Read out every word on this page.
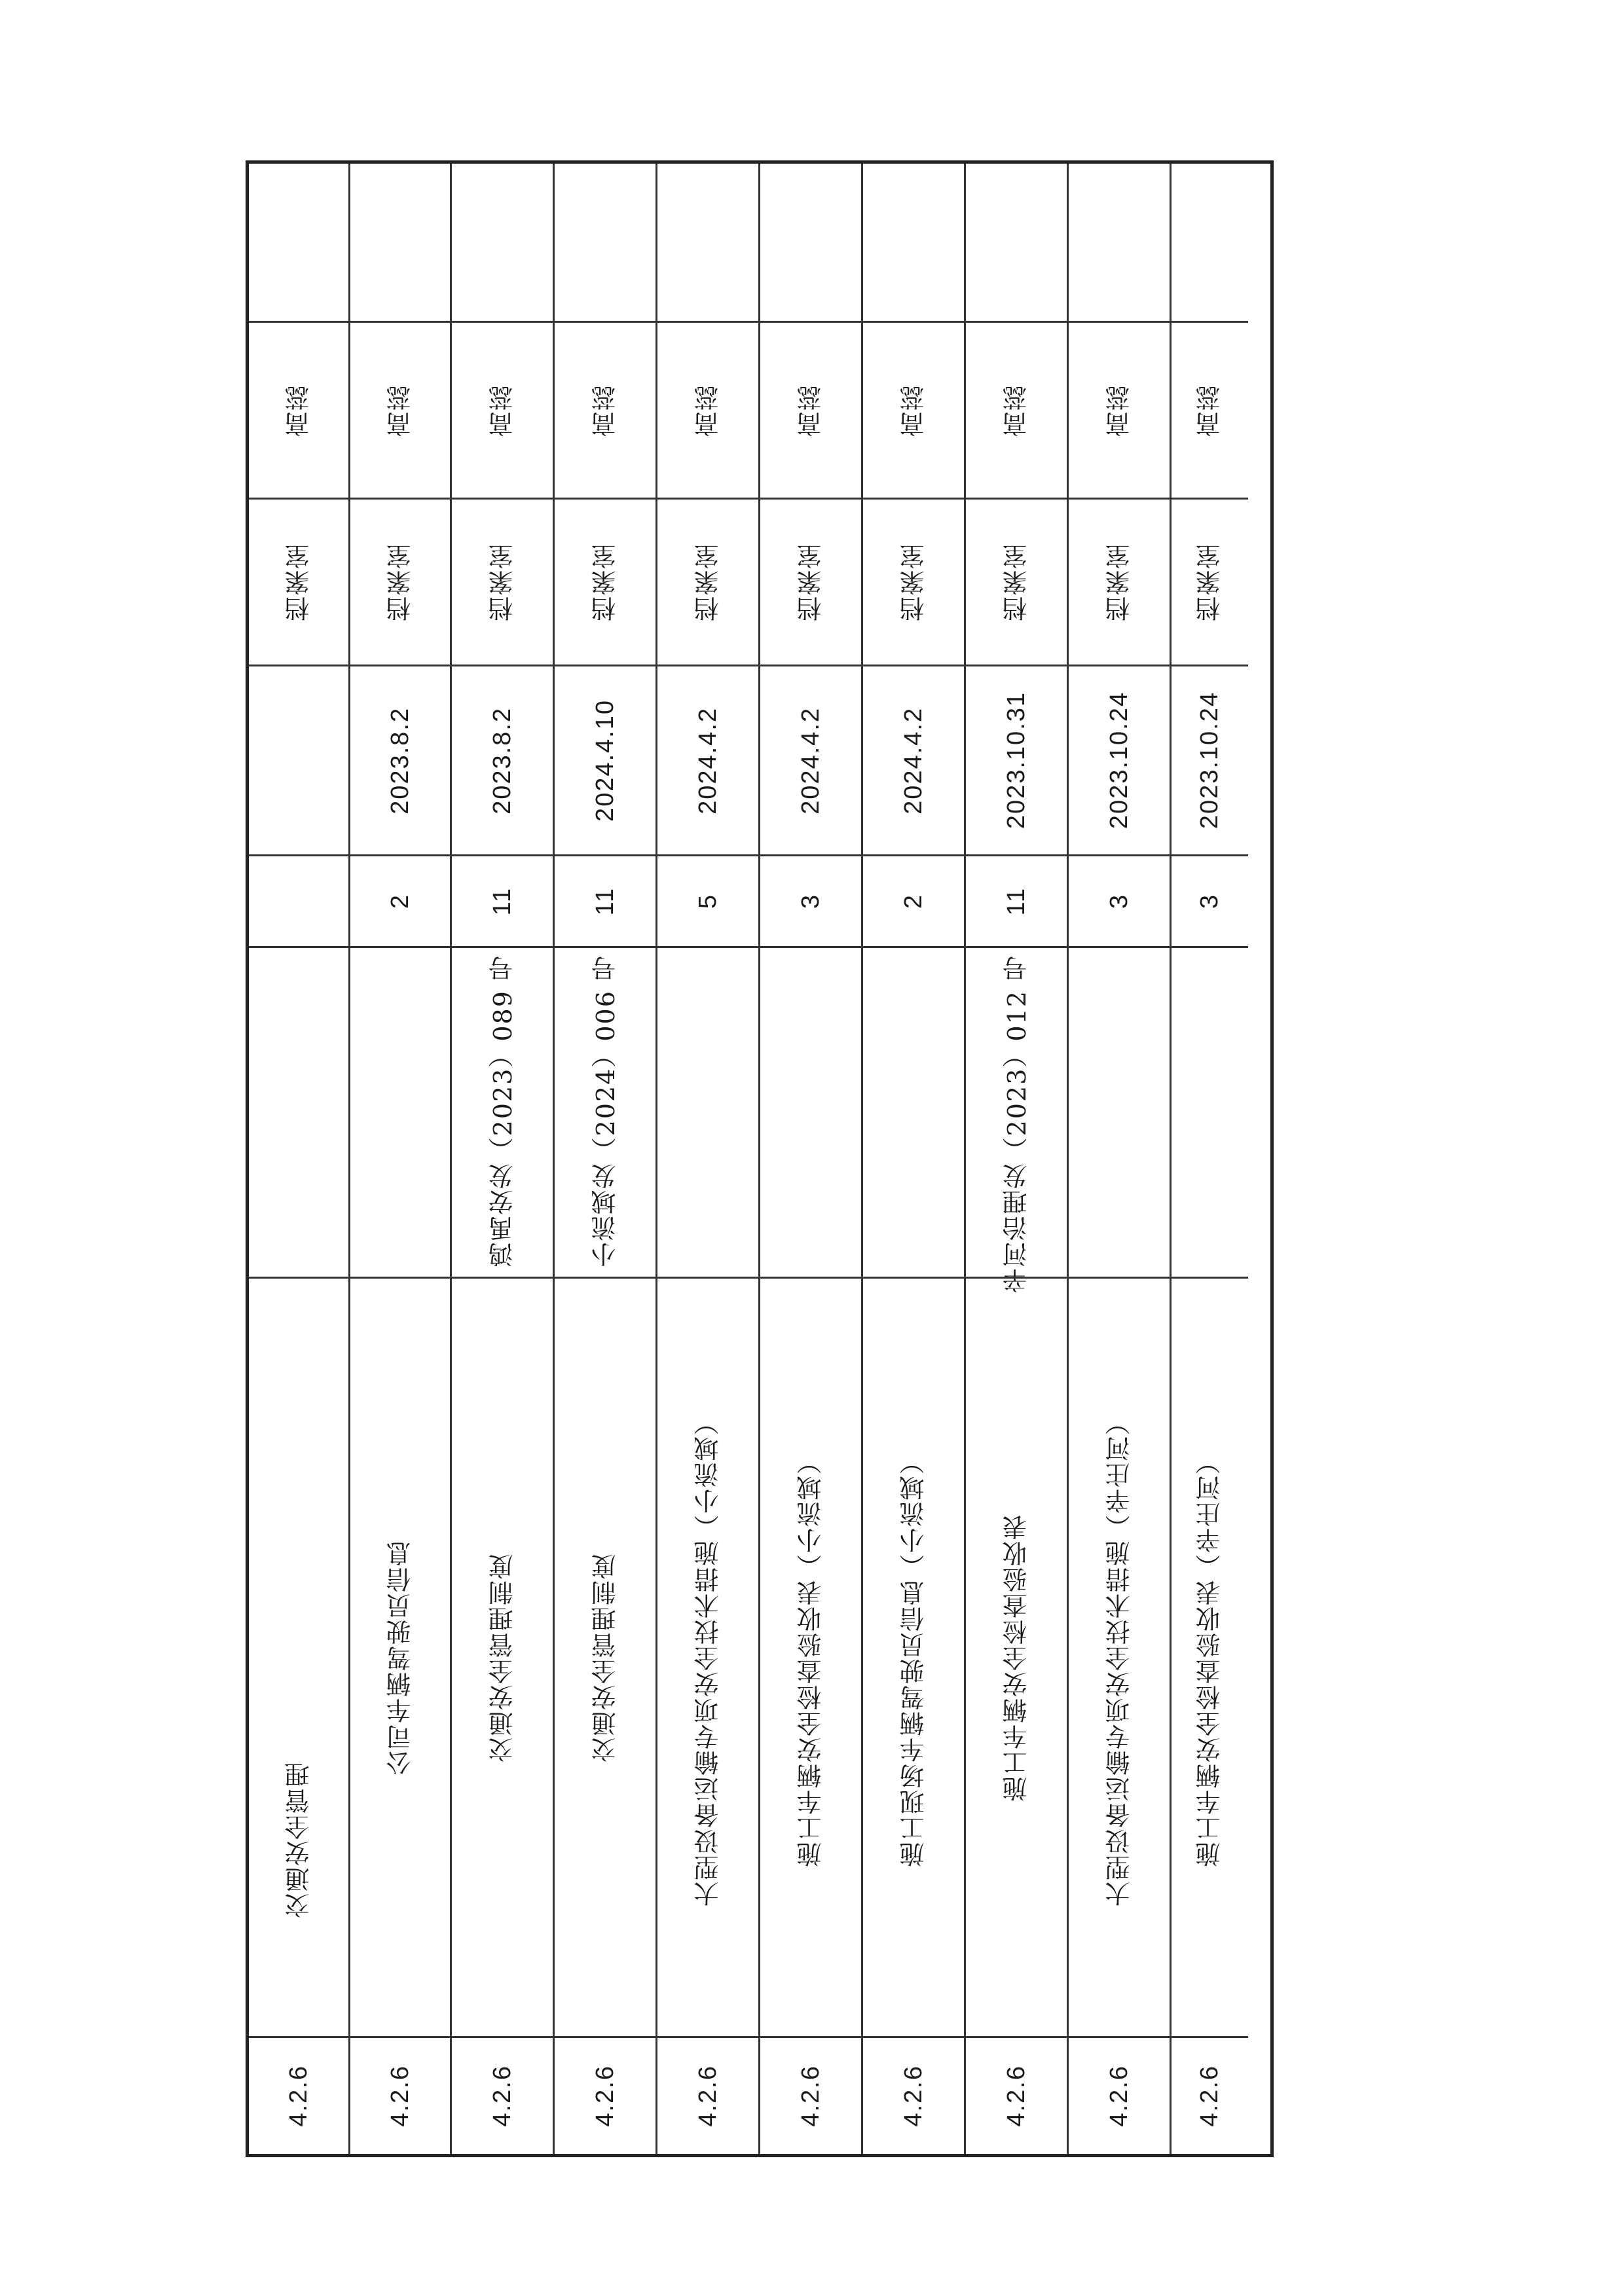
高蕊
档案室
交通安全管理
4.2.6
高蕊
档案室
2023.8.2
2
公司车辆驾驶员信息
4.2.6
高蕊
档案室
2023.8.2
11
鸿禹安发（2023）089 号
交通安全管理制度
4.2.6
高蕊
档案室
2024.4.10
11
小流域发（2024）006 号
交通安全管理制度
4.2.6
高蕊
档案室
2024.4.2
5
大型设备运输专项安全技术措施（小流域）
4.2.6
高蕊
档案室
2024.4.2
3
施工车辆安全检查验收表（小流域）
4.2.6
高蕊
档案室
2024.4.2
2
施工现场车辆驾驶员信息（小流域）
4.2.6
高蕊
档案室
2023.10.31
11
辛河治理发（2023）012 号
施工车辆安全检查验收表
4.2.6
高蕊
档案室
2023.10.24
3
大型设备运输专项安全技术措施（辛庄河）
4.2.6
高蕊
档案室
2023.10.24
3
施工车辆安全检查验收表（辛庄河）
4.2.6
